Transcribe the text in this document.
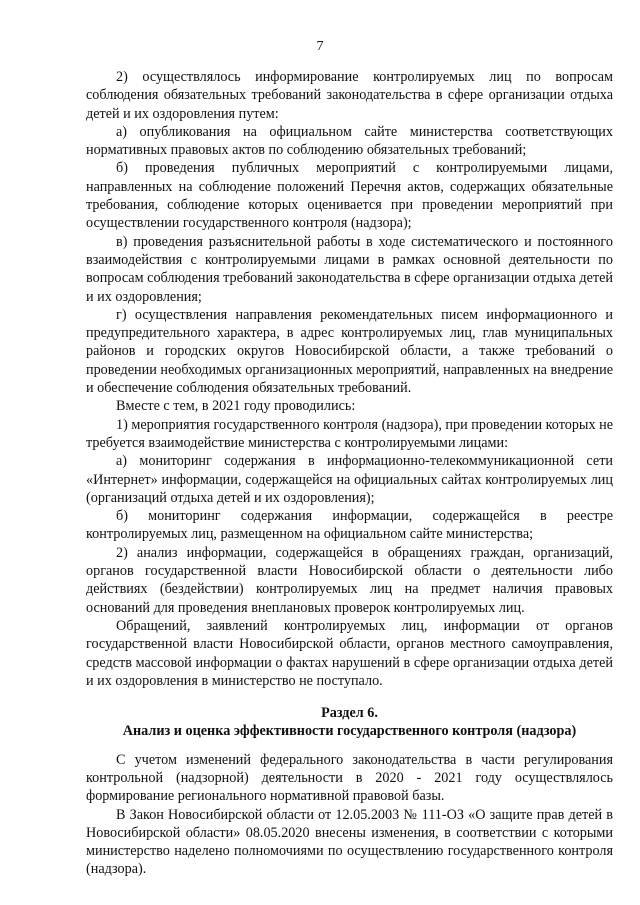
7

2) осуществлялось информирование контролируемых лиц по вопросам соблюдения обязательных требований законодательства в сфере организации отдыха детей и их оздоровления путем:

а) опубликования на официальном сайте министерства соответствующих нормативных правовых актов по соблюдению обязательных требований;

б) проведения публичных мероприятий с контролируемыми лицами, направленных на соблюдение положений Перечня актов, содержащих обязательные требования, соблюдение которых оценивается при проведении мероприятий при осуществлении государственного контроля (надзора);

в) проведения разъяснительной работы в ходе систематического и постоянного взаимодействия с контролируемыми лицами в рамках основной деятельности по вопросам соблюдения требований законодательства в сфере организации отдыха детей и их оздоровления;

г) осуществления направления рекомендательных писем информационного и предупредительного характера, в адрес контролируемых лиц, глав муниципальных районов и городских округов Новосибирской области, а также требований о проведении необходимых организационных мероприятий, направленных на внедрение и обеспечение соблюдения обязательных требований.

Вместе с тем, в 2021 году проводились:

1) мероприятия государственного контроля (надзора), при проведении которых не требуется взаимодействие министерства с контролируемыми лицами:

а) мониторинг содержания в информационно-телекоммуникационной сети «Интернет» информации, содержащейся на официальных сайтах контролируемых лиц (организаций отдыха детей и их оздоровления);

б) мониторинг содержания информации, содержащейся в реестре контролируемых лиц, размещенном на официальном сайте министерства;

2) анализ информации, содержащейся в обращениях граждан, организаций, органов государственной власти Новосибирской области о деятельности либо действиях (бездействии) контролируемых лиц на предмет наличия правовых оснований для проведения внеплановых проверок контролируемых лиц.

Обращений, заявлений контролируемых лиц, информации от органов государственной власти Новосибирской области, органов местного самоуправления, средств массовой информации о фактах нарушений в сфере организации отдыха детей и их оздоровления в министерство не поступало.

Раздел 6.
Анализ и оценка эффективности государственного контроля (надзора)

С учетом изменений федерального законодательства в части регулирования контрольной (надзорной) деятельности в 2020 - 2021 году осуществлялось формирование регионального нормативной правовой базы.

В Закон Новосибирской области от 12.05.2003 № 111-ОЗ «О защите прав детей в Новосибирской области» 08.05.2020 внесены изменения, в соответствии с которыми министерство наделено полномочиями по осуществлению государственного контроля (надзора).
